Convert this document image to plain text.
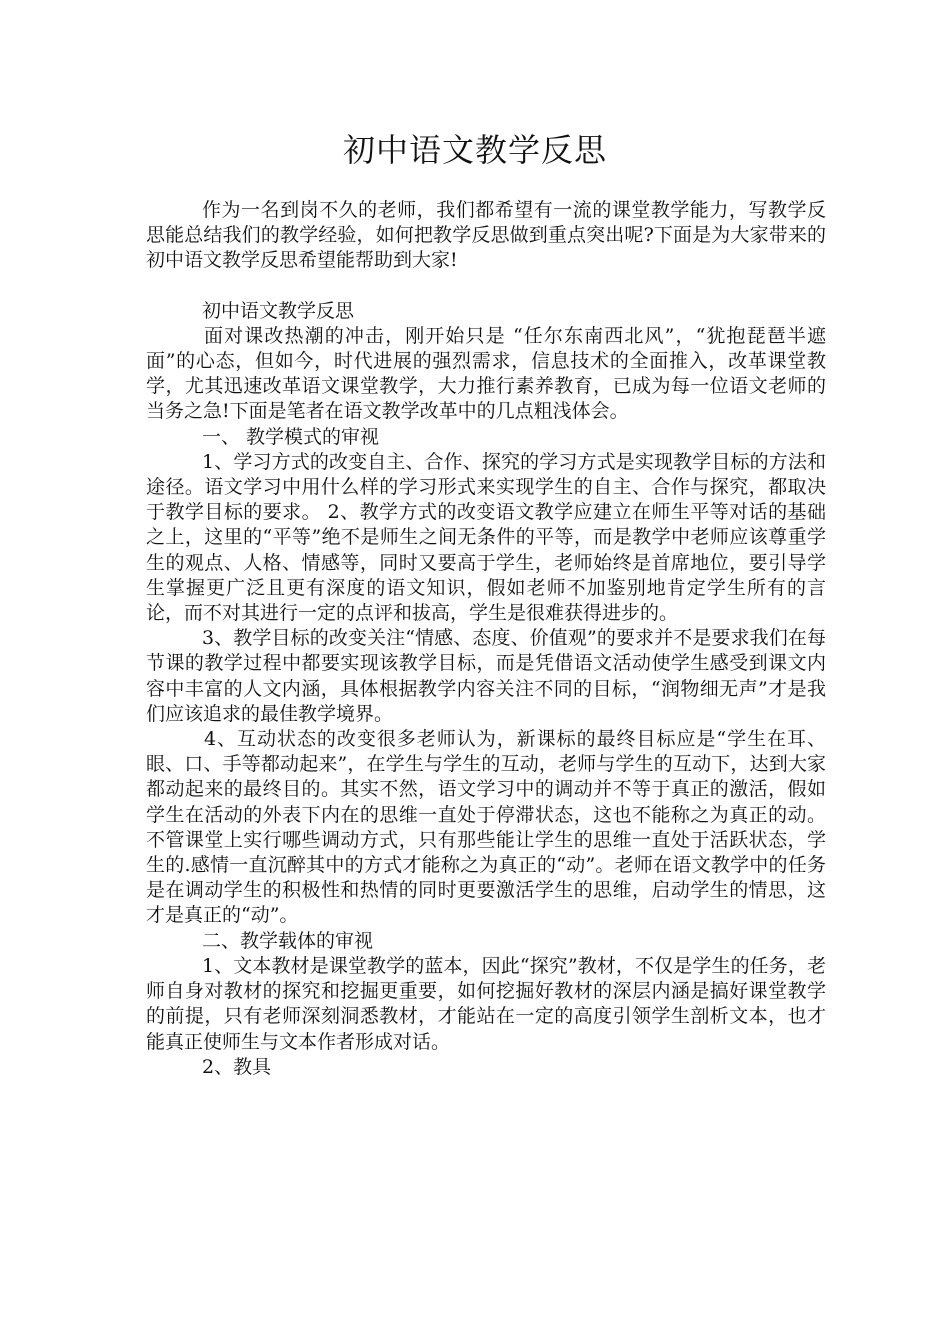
初中语文教学反思

作为一名到岗不久的老师，我们都希望有一流的课堂教学能力，写教学反思能总结我们的教学经验，如何把教学反思做到重点突出呢?下面是为大家带来的初中语文教学反思希望能帮助到大家!

初中语文教学反思

面对课改热潮的冲击，刚开始只是 “任尔东南西北风”，“犹抱琵琶半遮面”的心态，但如今，时代进展的强烈需求，信息技术的全面推入，改革课堂教学，尤其迅速改革语文课堂教学，大力推行素养教育，已成为每一位语文老师的当务之急!下面是笔者在语文教学改革中的几点粗浅体会。

一、 教学模式的审视

1、学习方式的改变自主、合作、探究的学习方式是实现教学目标的方法和途径。语文学习中用什么样的学习形式来实现学生的自主、合作与探究，都取决于教学目标的要求。 2、教学方式的改变语文教学应建立在师生平等对话的基础之上，这里的“平等”绝不是师生之间无条件的平等，而是教学中老师应该尊重学生的观点、人格、情感等，同时又要高于学生，老师始终是首席地位，要引导学生掌握更广泛且更有深度的语文知识，假如老师不加鉴别地肯定学生所有的言论，而不对其进行一定的点评和拔高，学生是很难获得进步的。

3、教学目标的改变关注“情感、态度、价值观”的要求并不是要求我们在每节课的教学过程中都要实现该教学目标，而是凭借语文活动使学生感受到课文内容中丰富的人文内涵，具体根据教学内容关注不同的目标，“润物细无声”才是我们应该追求的最佳教学境界。

4、互动状态的改变很多老师认为，新课标的最终目标应是“学生在耳、眼、口、手等都动起来”，在学生与学生的互动，老师与学生的互动下，达到大家都动起来的最终目的。其实不然，语文学习中的调动并不等于真正的激活，假如学生在活动的外表下内在的思维一直处于停滞状态，这也不能称之为真正的动。不管课堂上实行哪些调动方式，只有那些能让学生的思维一直处于活跃状态，学生的.感情一直沉醉其中的方式才能称之为真正的“动”。老师在语文教学中的任务是在调动学生的积极性和热情的同时更要激活学生的思维，启动学生的情思，这才是真正的“动”。

二、教学载体的审视

1、文本教材是课堂教学的蓝本，因此“探究”教材，不仅是学生的任务，老师自身对教材的探究和挖掘更重要，如何挖掘好教材的深层内涵是搞好课堂教学的前提，只有老师深刻洞悉教材，才能站在一定的高度引领学生剖析文本，也才能真正使师生与文本作者形成对话。

2、教具
